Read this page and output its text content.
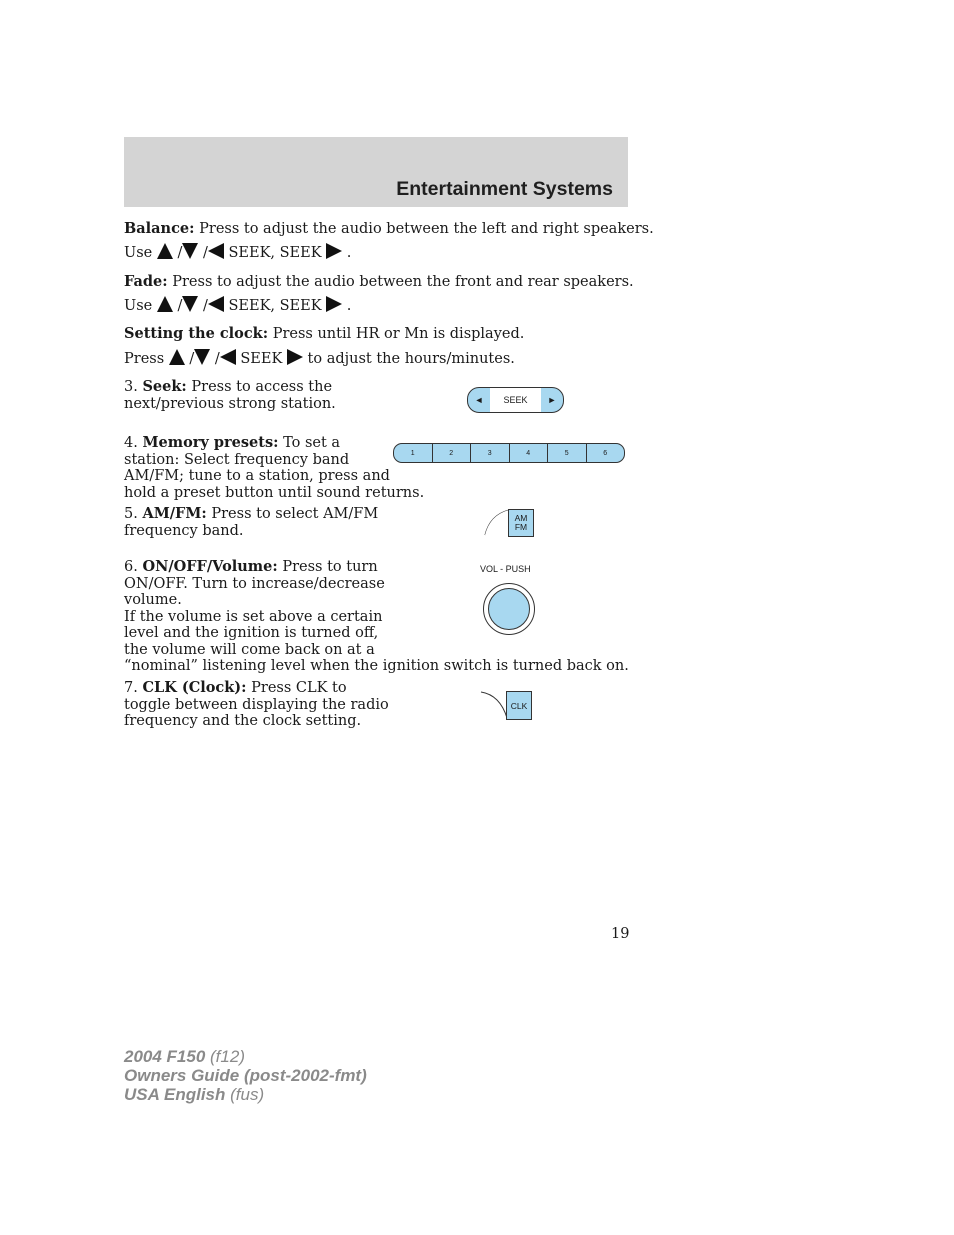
Entertainment Systems
Balance: Press to adjust the audio between the left and right speakers.
Use  / / SEEK, SEEK  .
Fade: Press to adjust the audio between the front and rear speakers.
Use  / / SEEK, SEEK  .
Setting the clock: Press until HR or Mn is displayed.
Press  / / SEEK  to adjust the hours/minutes.
3. Seek: Press to access the
next/previous strong station.	◄	SEEK	►
4. Memory presets: To set a
station: Select frequency band
AM/FM; tune to a station, press and
hold a preset button until sound returns.
1	2	3	4	5	6
5. AM/FM: Press to select AM/FM
frequency band.
AM
FM
6. ON/OFF/Volume: Press to turn
ON/OFF. Turn to increase/decrease
volume.
If the volume is set above a certain
level and the ignition is turned off,
the volume will come back on at a
“nominal” listening level when the ignition switch is turned back on.
VOL - PUSH
7. CLK (Clock): Press CLK to
toggle between displaying the radio
frequency and the clock setting.
CLK
19
2004 F150 (f12)
Owners Guide (post-2002-fmt)
USA English (fus)
